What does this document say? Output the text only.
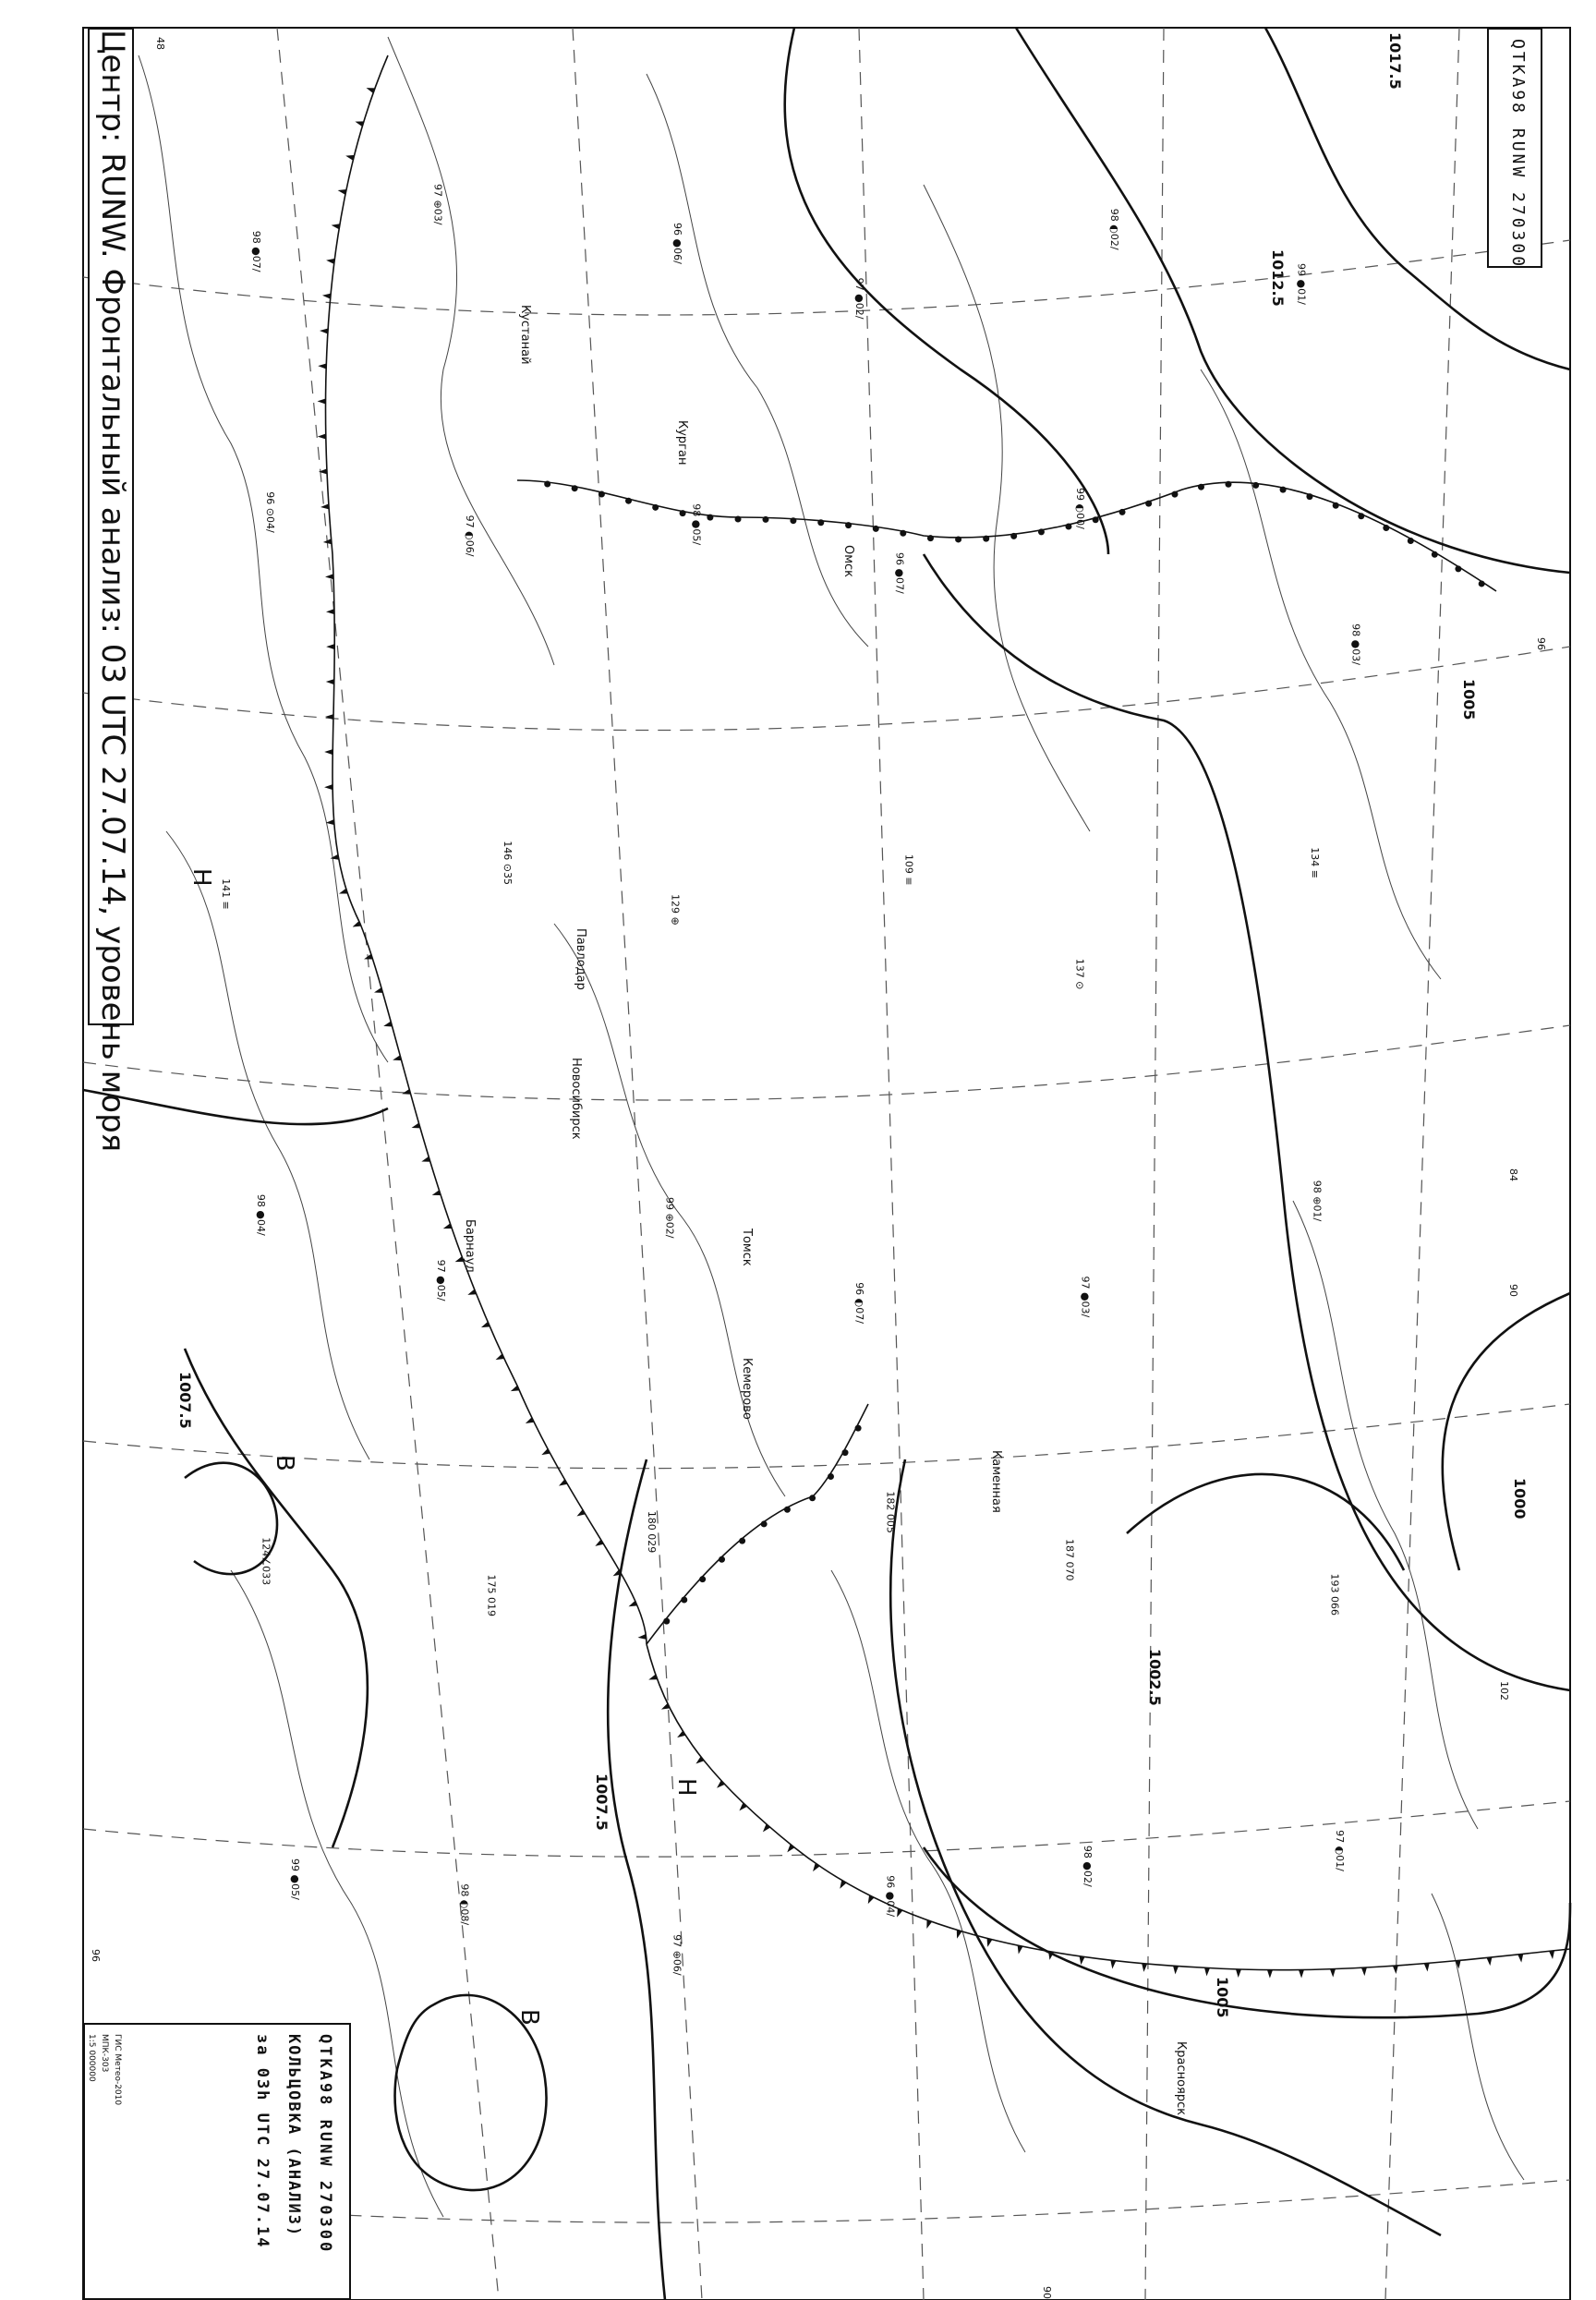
Н
Н
В
В
1017.5
1012.5
1005
1000
1007.5
1007.5
1005
1002.5
Кустанай
Курган
Омск
Павлодар
Барнаул	Томск
Новосибирск
Красноярск
Кемерово
Каменная
48
96
84
90
102
96
90
98 ●07/
97 ⊕03/
96 ●06/
97 ●02/
98 ◐02/
99 ●01/
96 ⊙04/
97 ◐06/	98 ●05/
96 ●07/
99 ◐00/
98 ●03/
141 ≡
146 ⊙35
129 ⊕
109 ≡
137 ⊙
134 ≡
98 ●04/
97 ●05/
99 ⊕02/
96 ◐07/	97 ●03/
98 ⊕01/
124∠033
175 019
180 029	182 005
187 070
193 066
99 ●05/
98 ◐08/
97 ⊕06/
96 ●04/
98 ●02/	97 ◐01/
Центр: RUNW. Фронтальный анализ: 03 UTC 27.07.14, уровень моря	QTKA98 RUNW 270300
QTKA98 RUNW 270300
КОЛЬЦОВКА (АНАЛИЗ)
за 03h UTC 27.07.14
ГИС Метео-2010
МПК-303
1:5 000000
